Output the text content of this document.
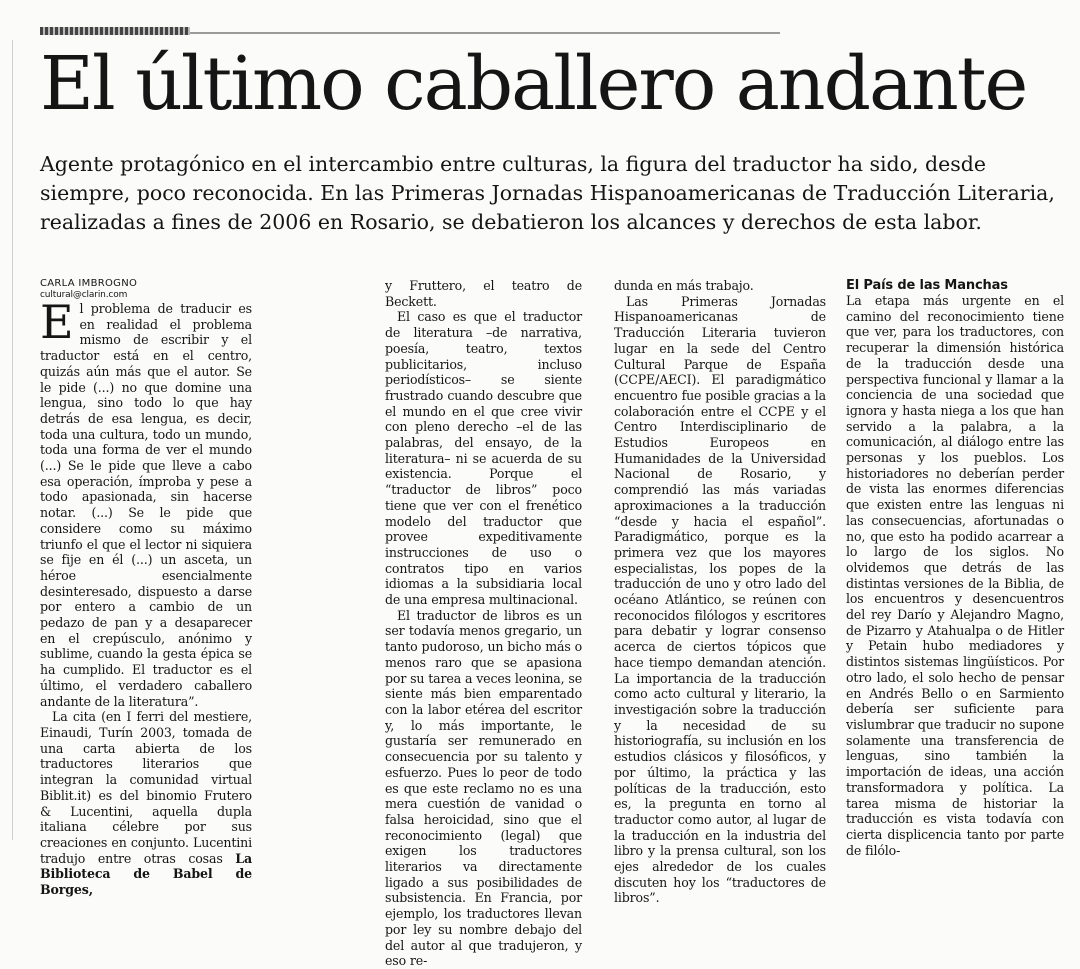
El último caballero andante

Agente protagónico en el intercambio entre culturas, la figura del traductor ha sido, desde siempre, poco reconocida. En las Primeras Jornadas Hispanoamericanas de Traducción Literaria, realizadas a fines de 2006 en Rosario, se debatieron los alcances y derechos de esta labor.

CARLA IMBROGNO

cultural@clarin.com

El problema de traducir es en realidad el problema mismo de escribir y el traductor está en el centro, quizás aún más que el autor. Se le pide (...) no que domine una lengua, sino todo lo que hay detrás de esa lengua, es decir, toda una cultura, todo un mundo, toda una forma de ver el mundo (...) Se le pide que lleve a cabo esa operación, ímproba y pese a todo apasionada, sin hacerse notar. (...) Se le pide que considere como su máximo triunfo el que el lector ni siquiera se fije en él (...) un asceta, un héroe esencialmente desinteresado, dispuesto a darse por entero a cambio de un pedazo de pan y a desaparecer en el crepúsculo, anónimo y sublime, cuando la gesta épica se ha cumplido. El traductor es el último, el verdadero caballero andante de la literatura”.

La cita (en I ferri del mestiere, Einaudi, Turín 2003, tomada de una carta abierta de los traductores literarios que integran la comunidad virtual Biblit.it) es del binomio Frutero & Lucentini, aquella dupla italiana célebre por sus creaciones en conjunto. Lucentini tradujo entre otras cosas La Biblioteca de Babel de Borges,

y Fruttero, el teatro de Beckett.

El caso es que el traductor de literatura –de narrativa, poesía, teatro, textos publicitarios, incluso periodísticos– se siente frustrado cuando descubre que el mundo en el que cree vivir con pleno derecho –el de las palabras, del ensayo, de la literatura– ni se acuerda de su existencia. Porque el “traductor de libros” poco tiene que ver con el frenético modelo del traductor que provee expeditivamente instrucciones de uso o contratos tipo en varios idiomas a la subsidiaria local de una empresa multinacional.

El traductor de libros es un ser todavía menos gregario, un tanto pudoroso, un bicho más o menos raro que se apasiona por su tarea a veces leonina, se siente más bien emparentado con la labor etérea del escritor y, lo más importante, le gustaría ser remunerado en consecuencia por su talento y esfuerzo. Pues lo peor de todo es que este reclamo no es una mera cuestión de vanidad o falsa heroicidad, sino que el reconocimiento (legal) que exigen los traductores literarios va directamente ligado a sus posibilidades de subsistencia. En Francia, por ejemplo, los traductores llevan por ley su nombre debajo del del autor al que tradujeron, y eso re-

dunda en más trabajo.

Las Primeras Jornadas Hispanoamericanas de Traducción Literaria tuvieron lugar en la sede del Centro Cultural Parque de España (CCPE/AECI). El paradigmático encuentro fue posible gracias a la colaboración entre el CCPE y el Centro Interdisciplinario de Estudios Europeos en Humanidades de la Universidad Nacional de Rosario, y comprendió las más variadas aproximaciones a la traducción “desde y hacia el español”. Paradigmático, porque es la primera vez que los mayores especialistas, los popes de la traducción de uno y otro lado del océano Atlántico, se reúnen con reconocidos filólogos y escritores para debatir y lograr consenso acerca de ciertos tópicos que hace tiempo demandan atención. La importancia de la traducción como acto cultural y literario, la investigación sobre la traducción y la necesidad de su historiografía, su inclusión en los estudios clásicos y filosóficos, y por último, la práctica y las políticas de la traducción, esto es, la pregunta en torno al traductor como autor, al lugar de la traducción en la industria del libro y la prensa cultural, son los ejes alrededor de los cuales discuten hoy los “traductores de libros”.

El País de las Manchas

La etapa más urgente en el camino del reconocimiento tiene que ver, para los traductores, con recuperar la dimensión histórica de la traducción desde una perspectiva funcional y llamar a la conciencia de una sociedad que ignora y hasta niega a los que han servido a la palabra, a la comunicación, al diálogo entre las personas y los pueblos. Los historiadores no deberían perder de vista las enormes diferencias que existen entre las lenguas ni las consecuencias, afortunadas o no, que esto ha podido acarrear a lo largo de los siglos. No olvidemos que detrás de las distintas versiones de la Biblia, de los encuentros y desencuentros del rey Darío y Alejandro Magno, de Pizarro y Atahualpa o de Hitler y Petain hubo mediadores y distintos sistemas lingüísticos. Por otro lado, el solo hecho de pensar en Andrés Bello o en Sarmiento debería ser suficiente para vislumbrar que traducir no supone solamente una transferencia de lenguas, sino también la importación de ideas, una acción transformadora y política. La tarea misma de historiar la traducción es vista todavía con cierta displicencia tanto por parte de filólo-
